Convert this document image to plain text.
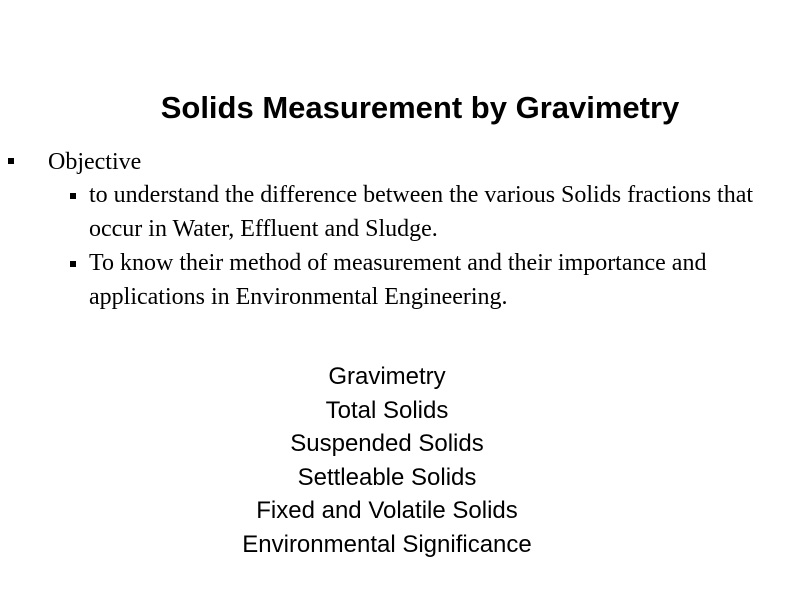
Solids Measurement by Gravimetry
Objective
to understand the difference between the various Solids fractions that occur in Water, Effluent and Sludge.
To know their method of measurement and their importance and applications in Environmental Engineering.
Gravimetry
Total Solids
Suspended Solids
Settleable Solids
Fixed and Volatile Solids
Environmental Significance
